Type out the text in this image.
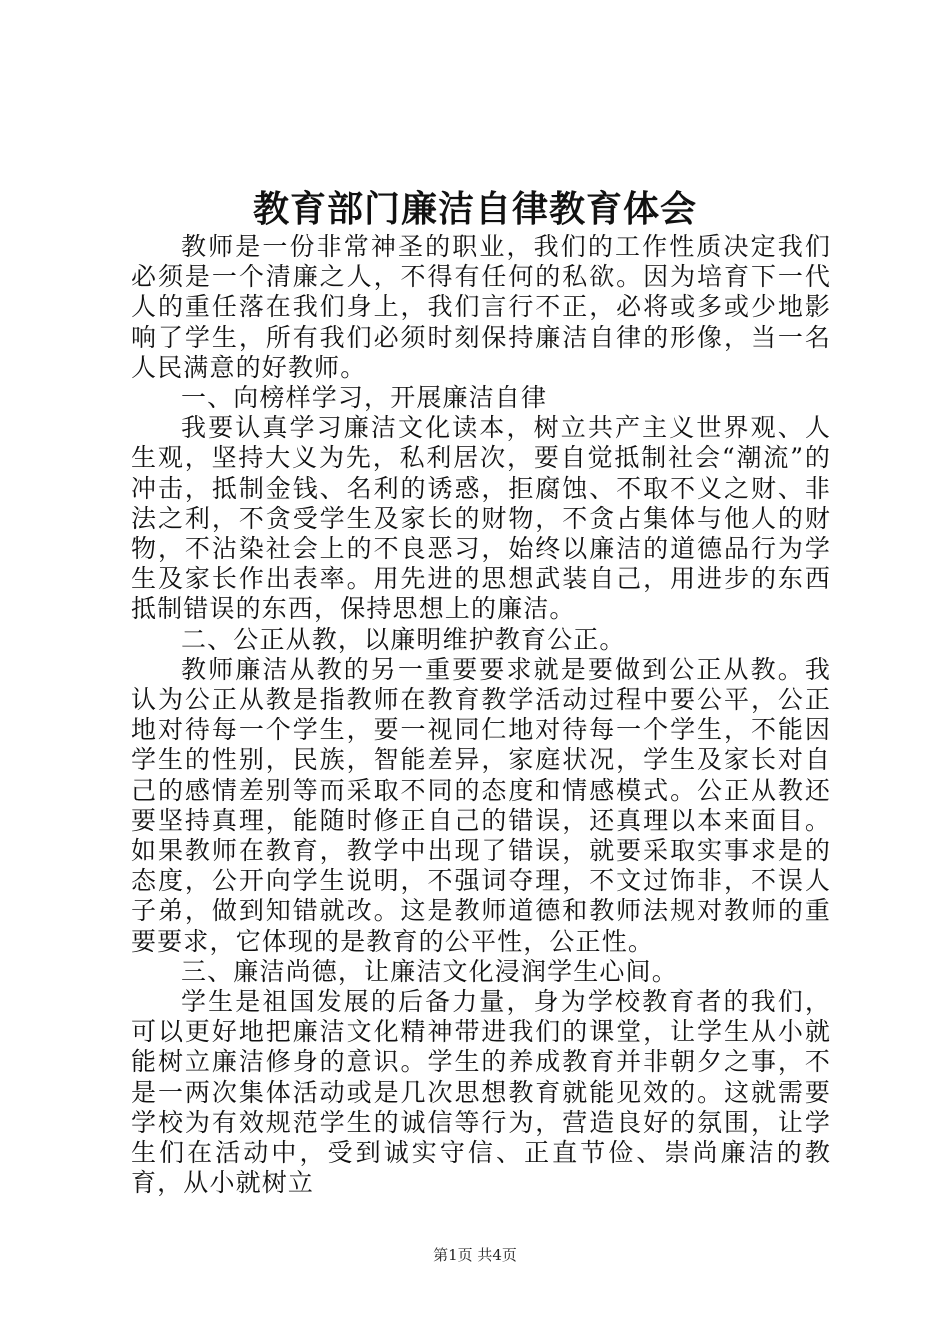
教育部门廉洁自律教育体会

教师是一份非常神圣的职业，我们的工作性质决定我们必须是一个清廉之人，不得有任何的私欲。因为培育下一代人的重任落在我们身上，我们言行不正，必将或多或少地影响了学生，所有我们必须时刻保持廉洁自律的形像，当一名人民满意的好教师。

一、向榜样学习，开展廉洁自律

我要认真学习廉洁文化读本，树立共产主义世界观、人生观，坚持大义为先，私利居次，要自觉抵制社会“潮流”的冲击，抵制金钱、名利的诱惑，拒腐蚀、不取不义之财、非法之利，不贪受学生及家长的财物，不贪占集体与他人的财物，不沾染社会上的不良恶习，始终以廉洁的道德品行为学生及家长作出表率。用先进的思想武装自己，用进步的东西抵制错误的东西，保持思想上的廉洁。

二、公正从教，以廉明维护教育公正。

教师廉洁从教的另一重要要求就是要做到公正从教。我认为公正从教是指教师在教育教学活动过程中要公平，公正地对待每一个学生，要一视同仁地对待每一个学生，不能因学生的性别，民族，智能差异，家庭状况，学生及家长对自己的感情差别等而采取不同的态度和情感模式。公正从教还要坚持真理，能随时修正自己的错误，还真理以本来面目。如果教师在教育，教学中出现了错误，就要采取实事求是的态度，公开向学生说明，不强词夺理，不文过饰非，不误人子弟，做到知错就改。这是教师道德和教师法规对教师的重要要求，它体现的是教育的公平性，公正性。

三、廉洁尚德，让廉洁文化浸润学生心间。

学生是祖国发展的后备力量，身为学校教育者的我们，可以更好地把廉洁文化精神带进我们的课堂，让学生从小就能树立廉洁修身的意识。学生的养成教育并非朝夕之事，不是一两次集体活动或是几次思想教育就能见效的。这就需要学校为有效规范学生的诚信等行为，营造良好的氛围，让学生们在活动中，受到诚实守信、正直节俭、崇尚廉洁的教育，从小就树立

第1页 共4页
